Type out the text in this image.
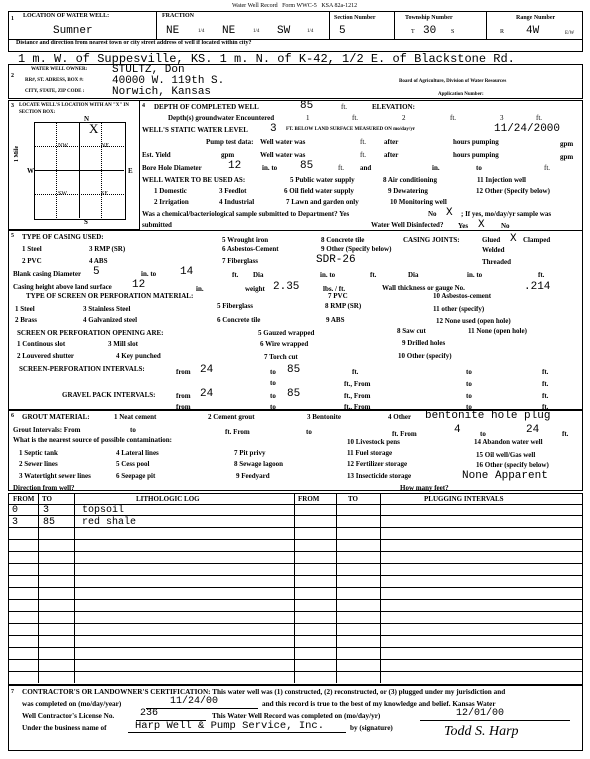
Water Well Record Form WWC-5 KSA 82a-1212
1 LOCATION OF WATER WELL:
Sumner
FRACTION
NE	1/4 NE	1/4 SW	1/4
Section Number
5
Township Number
T 30 S
Range Number
R 4W	E/W
Distance and direction from nearest town or city street address of well if located within city?
1 m. W. of Suppesville, KS. 1 m. N. of K-42, 1/2 E. of Blackstone Rd.
2
WATER WELL OWNER: STULTZ, Don
RR#, ST. ADRESS, BOX #:	40000 W. 119th S.
CITY, STATE, ZIP CODE :	Norwich, Kansas
Board of Agriculture, Division of Water Resources
Application Number:
3 LOCATE WELL'S LOCATION WITH AN "X" IN SECTION BOX:
N
S
W	E
NW	NE
SW	SE
X
1 Mile
4 DEPTH OF COMPLETED WELL	85	ft.	ELEVATION:
Depth(s) groundwater Encountered	1	ft.	2	ft.	3	ft.
WELL'S STATIC WATER LEVEL 3 FT. BELOW LAND SURFACE MEASURED ON mo/day/yr	11/24/2000
Pump test data: Well water was	ft.	after	hours pumping	gpm
Est. Yield	gpm	Well water was	ft.	after	hours pumping	gpm
Bore Hole Diameter 12	in. to 85	ft. and	in.	to	ft.
WELL WATER TO BE USED AS:	5 Public water supply	8 Air conditioning	11 Injection well
1 Domestic	3 Feedlot	6 Oil field water supply	9 Dewatering	12 Other (Specify below)
2 Irrigation	4 Industrial	7 Lawn and garden only	10 Monitoring well
Was a chemical/bacteriological sample submitted to Department? Yes	No X ; If yes, mo/day/yr sample was
submitted	Water Well Disinfected? Yes X No
5 TYPE OF CASING USED:	5 Wrought iron	8 Concrete tile
1 Steel	3 RMP (SR)	6 Asbestos-Cement	9 Other (Specify below)
2 PVC	4 ABS	7 Fiberglass	SDR-26
CASING JOINTS:	Glued X Clamped
Welded
Threaded
Blank casing Diameter 5	in. to 14	ft. Dia	in. to	ft.	Dia	in. to	ft.
Casing height above land surface 12	in.	weight 2.35	lbs. / ft.	Wall thickness or gauge No.	.214
TYPE OF SCREEN OR PERFORATION MATERIAL:	7 PVC	10 Asbestos-cement
1 Steel	3 Stainless Steel	5 Fiberglass	8 RMP (SR)	11 other (specify)
2 Brass	4 Galvanized steel	6 Concrete tile	9 ABS	12 None used (open hole)
SCREEN OR PERFORATION OPENING ARE:	5 Gauzed wrapped	8 Saw cut	11 None (open hole)
1 Continous slot	3 Mill slot	6 Wire wrapped	9 Drilled holes
2 Louvered shutter	4 Key punched	7 Torch cut	10 Other (specify)
SCREEN-PERFORATION INTERVALS:	from 24	to 85	ft.	to	ft.
to	ft., From	to	ft.
GRAVEL PACK INTERVALS:	from 24	to 85	ft., From	to	ft.
from	to	ft., From	to	ft.
6 GROUT MATERIAL:	1 Neat cement	2 Cement grout	3 Bentonite	4 Other bentonite hole plug
Grout Intervals: From	to	ft. From	to	ft. From	4	to	24	ft.
What is the nearest source of possible contamination:	10 Livestock pens	14 Abandon water well
1 Septic tank	4 Lateral lines	7 Pit privy	11 Fuel storage	15 Oil well/Gas well
2 Sewer lines	5 Cess pool	8 Sewage lagoon	12 Fertilizer storage	16 Other (specify below)
3 Watertight sewer lines	6 Seepage pit	9 Feedyard	13 Insecticide storage	None Apparent
Direction from well?	How many feet?
FROM TO	LITHOLOGIC LOG	FROM	TO	PLUGGING INTERVALS
0 3	topsoil
3 85	red shale
7 CONTRACTOR'S OR LANDOWNER'S CERTIFICATION: This water well was (1) constructed, (2) reconstructed, or (3) plugged under my jurisdiction and
was completed on (mo/day/year)	11/24/00	and this record is true to the best of my knowledge and belief. Kansas Water
Well Contractor's License No.	236	This Water Well Record was completed on (mo/day/yr)	12/01/00
Under the business name of	Harp Well & Pump Service, Inc.	by (signature)	Todd S. Harp
